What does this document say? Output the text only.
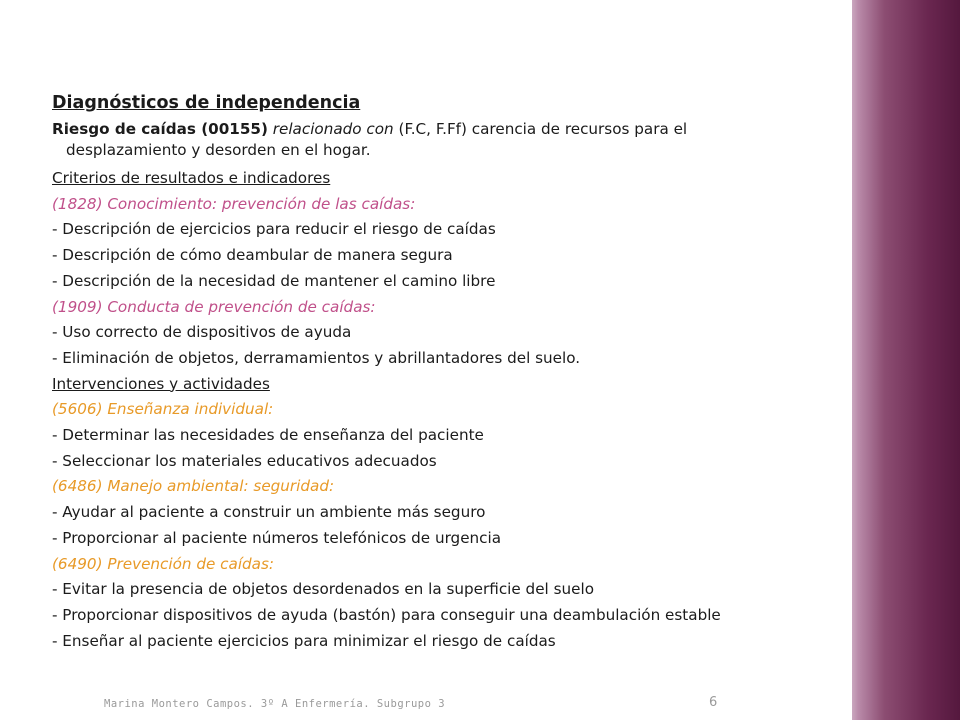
Diagnósticos de independencia
Riesgo de caídas (00155) relacionado con (F.C, F.Ff) carencia de recursos para el
desplazamiento y desorden en el hogar.
Criterios de resultados e indicadores
(1828) Conocimiento: prevención de las caídas:
- Descripción de ejercicios para reducir el riesgo de caídas
- Descripción de cómo deambular de manera segura
- Descripción de la necesidad de mantener el camino libre
(1909) Conducta de prevención de caídas:
- Uso correcto de dispositivos de ayuda
- Eliminación de objetos, derramamientos y abrillantadores del suelo.
Intervenciones y actividades
(5606) Enseñanza individual:
- Determinar las necesidades de enseñanza del paciente
- Seleccionar los materiales educativos adecuados
(6486) Manejo ambiental: seguridad:
- Ayudar al paciente a construir un ambiente más seguro
- Proporcionar al paciente números telefónicos de urgencia
(6490) Prevención de caídas:
- Evitar la presencia de objetos desordenados en la superficie del suelo
- Proporcionar dispositivos de ayuda (bastón) para conseguir una deambulación estable
- Enseñar al paciente ejercicios para minimizar el riesgo de caídas
Marina Montero Campos. 3º A Enfermería. Subgrupo 3	6
